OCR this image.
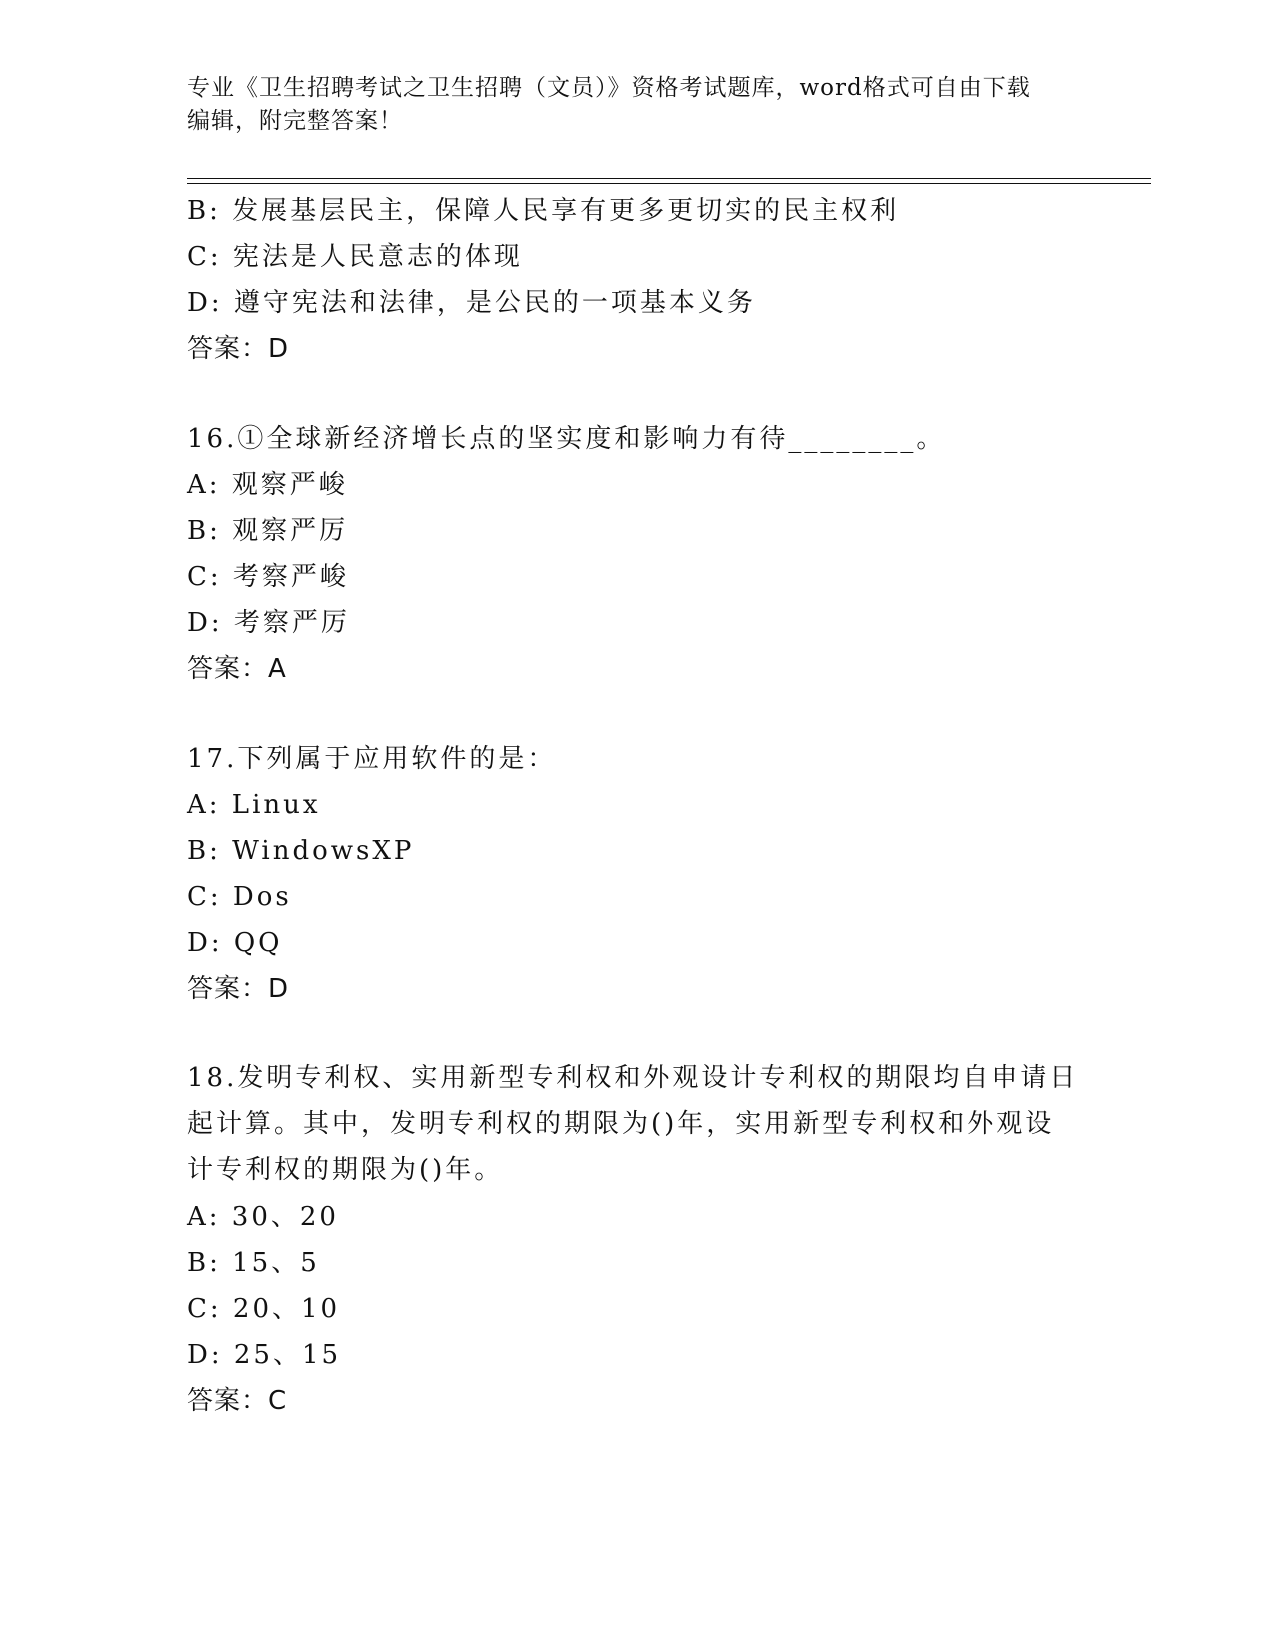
专业《卫生招聘考试之卫生招聘（文员）》资格考试题库，word格式可自由下载
编辑，附完整答案！
B: 发展基层民主，保障人民享有更多更切实的民主权利
C: 宪法是人民意志的体现
D: 遵守宪法和法律，是公民的一项基本义务
答案：D
16.①全球新经济增长点的坚实度和影响力有待________。
A: 观察严峻
B: 观察严厉
C: 考察严峻
D: 考察严厉
答案：A
17.下列属于应用软件的是：
A: Linux
B: WindowsXP
C: Dos
D: QQ
答案：D
18.发明专利权、实用新型专利权和外观设计专利权的期限均自申请日
起计算。其中，发明专利权的期限为()年，实用新型专利权和外观设
计专利权的期限为()年。
A: 30、20
B: 15、5
C: 20、10
D: 25、15
答案：C
